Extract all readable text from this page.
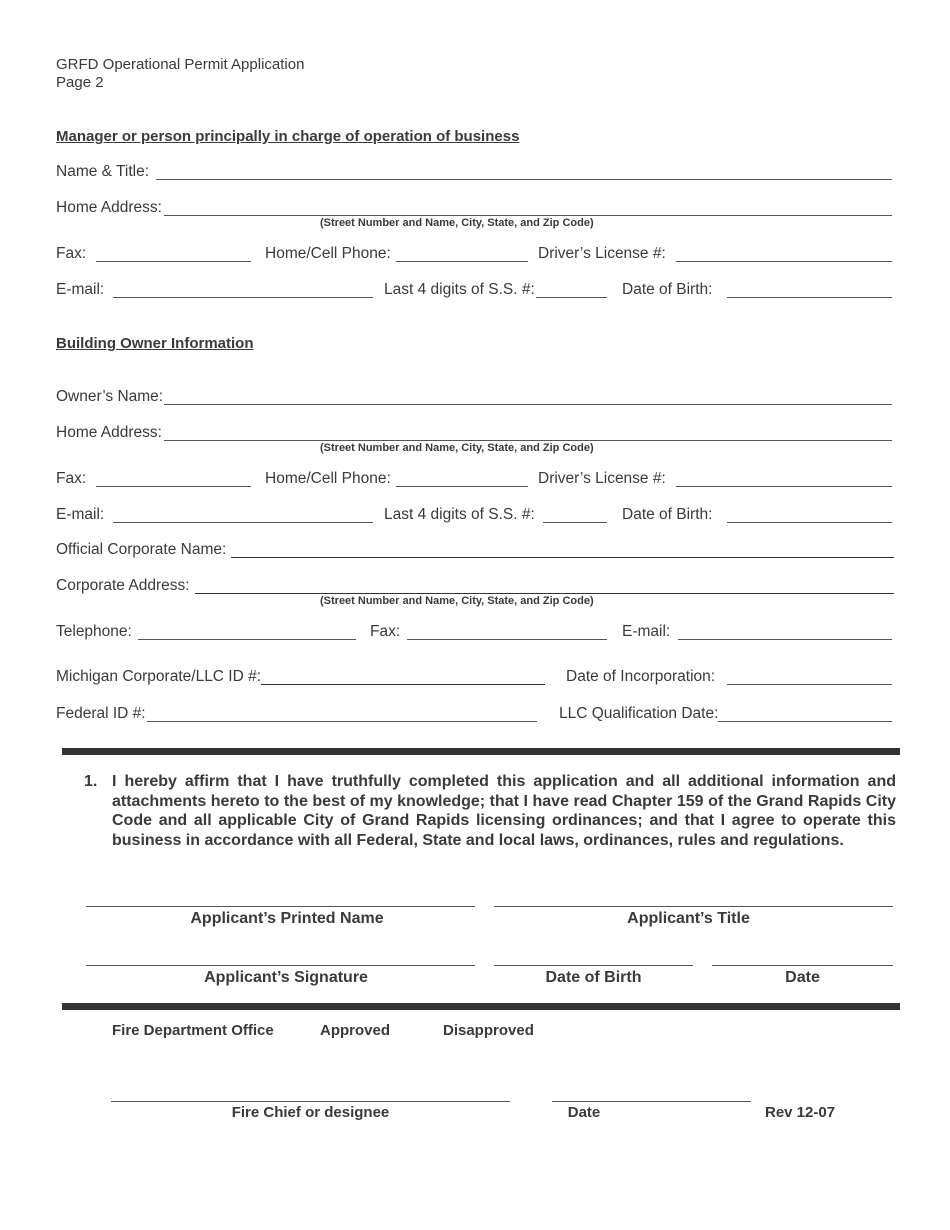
GRFD Operational Permit Application
Page 2
Manager or person principally in charge of operation of business
Name & Title:
Home Address:
(Street Number and Name, City, State, and Zip Code)
Fax:	Home/Cell Phone:	Driver’s License #:
E-mail:	Last 4 digits of S.S. #:	Date of Birth:
Building Owner Information
Owner’s Name:
Home Address:
(Street Number and Name, City, State, and Zip Code)
Fax:	Home/Cell Phone:	Driver’s License #:
E-mail:	Last 4 digits of S.S. #:	Date of Birth:
Official Corporate Name:
Corporate Address:
(Street Number and Name, City, State, and Zip Code)
Telephone:	Fax:	E-mail:
Michigan Corporate/LLC ID #:	Date of Incorporation:
Federal ID #:	LLC Qualification Date:
1. I hereby affirm that I have truthfully completed this application and all additional information and attachments hereto to the best of my knowledge; that I have read Chapter 159 of the Grand Rapids City Code and all applicable City of Grand Rapids licensing ordinances; and that I agree to operate this business in accordance with all Federal, State and local laws, ordinances, rules and regulations.
Applicant’s Printed Name	Applicant’s Title
Applicant’s Signature	Date of Birth	Date
Fire Department Office	Approved	Disapproved
Fire Chief or designee	Date	Rev 12-07
